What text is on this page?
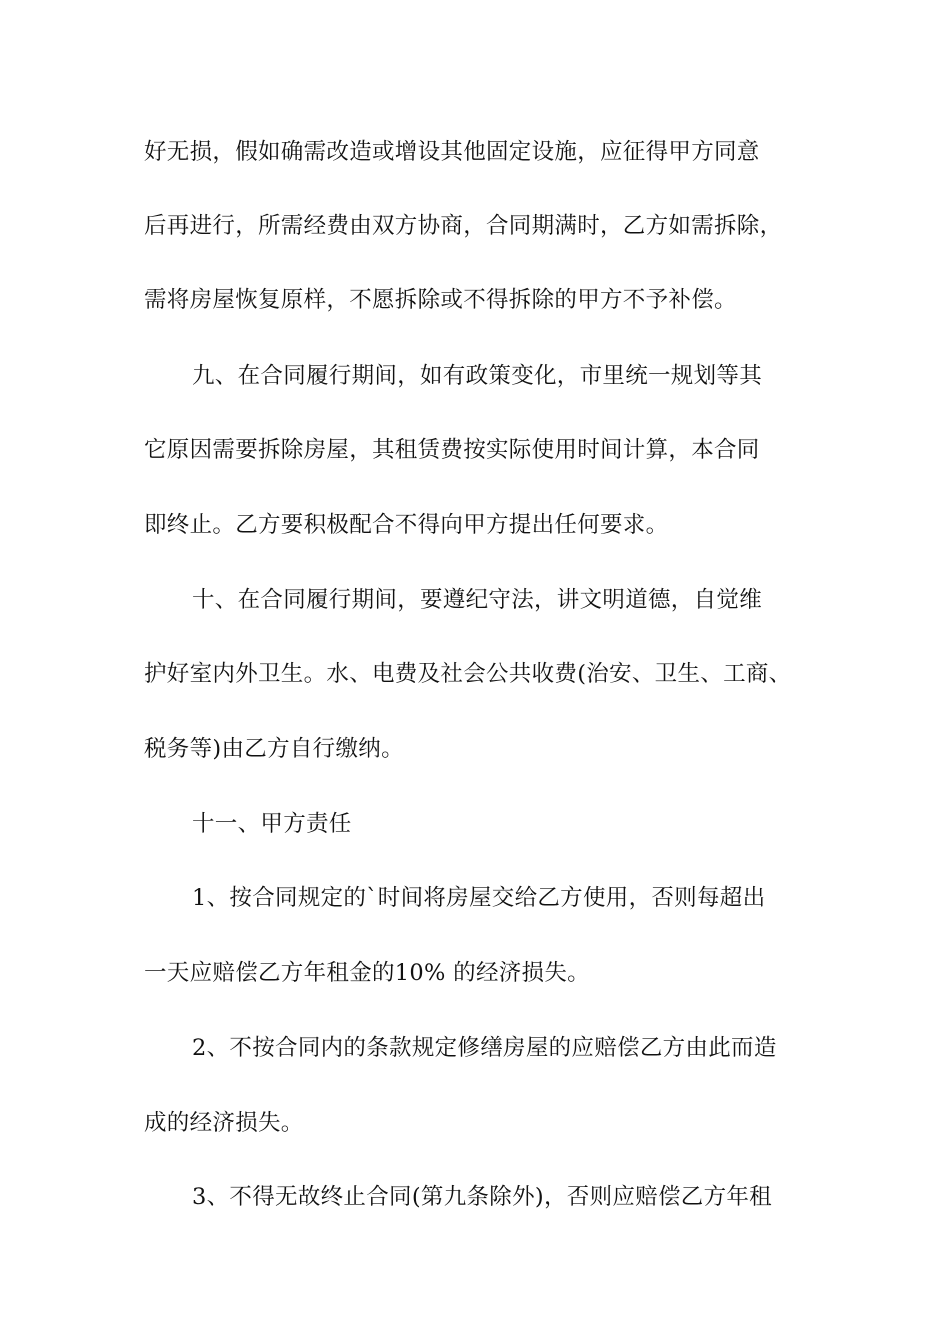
好无损，假如确需改造或增设其他固定设施，应征得甲方同意
后再进行，所需经费由双方协商，合同期满时，乙方如需拆除，
需将房屋恢复原样，不愿拆除或不得拆除的甲方不予补偿。
九、在合同履行期间，如有政策变化，市里统一规划等其
它原因需要拆除房屋，其租赁费按实际使用时间计算，本合同
即终止。乙方要积极配合不得向甲方提出任何要求。
十、在合同履行期间，要遵纪守法，讲文明道德，自觉维
护好室内外卫生。水、电费及社会公共收费(治安、卫生、工商、
税务等)由乙方自行缴纳。
十一、甲方责任
1、按合同规定的`时间将房屋交给乙方使用，否则每超出
一天应赔偿乙方年租金的10% 的经济损失。
2、不按合同内的条款规定修缮房屋的应赔偿乙方由此而造
成的经济损失。
3、不得无故终止合同(第九条除外)，否则应赔偿乙方年租
